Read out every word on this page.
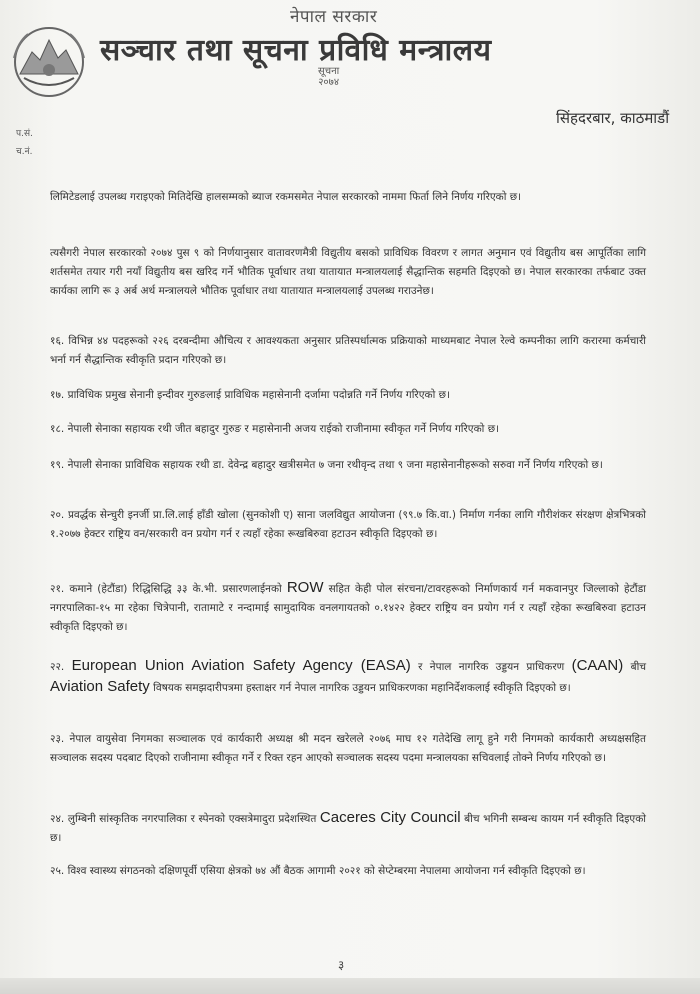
नेपाल सरकार
सञ्चार तथा सूचना प्रविधि मन्त्रालय
सूचना
२०७४
सिंहदरबार, काठमाडौं
प.सं.
च.नं.
लिमिटेडलाई उपलब्ध गराइएको मितिदेखि हालसम्मको ब्याज रकमसमेत नेपाल सरकारको नाममा फिर्ता लिने निर्णय गरिएको छ।
त्यसैगरी नेपाल सरकारको २०७४ पुस ९ को निर्णयानुसार वातावरणमैत्री विद्युतीय बसको प्राविधिक विवरण र लागत अनुमान एवं विद्युतीय बस आपूर्तिका लागि शर्तसमेत तयार गरी नयाँ विद्युतीय बस खरिद गर्ने भौतिक पूर्वाधार तथा यातायात मन्त्रालयलाई सैद्धान्तिक सहमति दिइएको छ। नेपाल सरकारका तर्फबाट उक्त कार्यका लागि रू ३ अर्ब अर्थ मन्त्रालयले भौतिक पूर्वाधार तथा यातायात मन्त्रालयलाई उपलब्ध गराउनेछ।
१६. विभिन्न ४४ पदहरूको २२६ दरबन्दीमा औचित्य र आवश्यकता अनुसार प्रतिस्पर्धात्मक प्रक्रियाको माध्यमबाट नेपाल रेल्वे कम्पनीका लागि करारमा कर्मचारी भर्ना गर्न सैद्धान्तिक स्वीकृति प्रदान गरिएको छ।
१७. प्राविधिक प्रमुख सेनानी इन्दीवर गुरुङलाई प्राविधिक महासेनानी दर्जामा पदोन्नति गर्ने निर्णय गरिएको छ।
१८. नेपाली सेनाका सहायक रथी जीत बहादुर गुरुङ र महासेनानी अजय राईको राजीनामा स्वीकृत गर्ने निर्णय गरिएको छ।
१९. नेपाली सेनाका प्राविधिक सहायक रथी डा. देवेन्द्र बहादुर खत्रीसमेत ७ जना रथीवृन्द तथा ९ जना महासेनानीहरूको सरुवा गर्ने निर्णय गरिएको छ।
२०. प्रवर्द्धक सेन्चुरी इनर्जी प्रा.लि.लाई हाँडी खोला (सुनकोशी ए) साना जलविद्युत आयोजना (९९.७ कि.वा.) निर्माण गर्नका लागि गौरीशंकर संरक्षण क्षेत्रभित्रको १.२०७७ हेक्टर राष्ट्रिय वन/सरकारी वन प्रयोग गर्न र त्यहाँ रहेका रूखबिरुवा हटाउन स्वीकृति दिइएको छ।
२१. कमाने (हेटौंडा) रिद्धिसिद्धि ३३ के.भी. प्रसारणलाईनको ROW सहित केही पोल संरचना/टावरहरूको निर्माणकार्य गर्न मकवानपुर जिल्लाको हेटौंडा नगरपालिका-१५ मा रहेका चित्रेपानी, रातामाटे र नन्दामाई सामुदायिक वनलगायतको ०.१४२२ हेक्टर राष्ट्रिय वन प्रयोग गर्न र त्यहाँ रहेका रूखबिरुवा हटाउन स्वीकृति दिइएको छ।
२२. European Union Aviation Safety Agency (EASA) र नेपाल नागरिक उड्डयन प्राधिकरण (CAAN) बीच Aviation Safety विषयक समझदारीपत्रमा हस्ताक्षर गर्न नेपाल नागरिक उड्डयन प्राधिकरणका महानिर्देशकलाई स्वीकृति दिइएको छ।
२३. नेपाल वायुसेवा निगमका सञ्चालक एवं कार्यकारी अध्यक्ष श्री मदन खरेलले २०७६ माघ १२ गतेदेखि लागू हुने गरी निगमको कार्यकारी अध्यक्षसहित सञ्चालक सदस्य पदबाट दिएको राजीनामा स्वीकृत गर्ने र रिक्त रहन आएको सञ्चालक सदस्य पदमा मन्त्रालयका सचिवलाई तोक्ने निर्णय गरिएको छ।
२४. लुम्बिनी सांस्कृतिक नगरपालिका र स्पेनको एक्सत्रेमादुरा प्रदेशस्थित Caceres City Council बीच भगिनी सम्बन्ध कायम गर्न स्वीकृति दिइएको छ।
२५. विश्व स्वास्थ्य संगठनको दक्षिणपूर्वी एसिया क्षेत्रको ७४ औं बैठक आगामी २०२१ को सेप्टेम्बरमा नेपालमा आयोजना गर्न स्वीकृति दिइएको छ।
३
